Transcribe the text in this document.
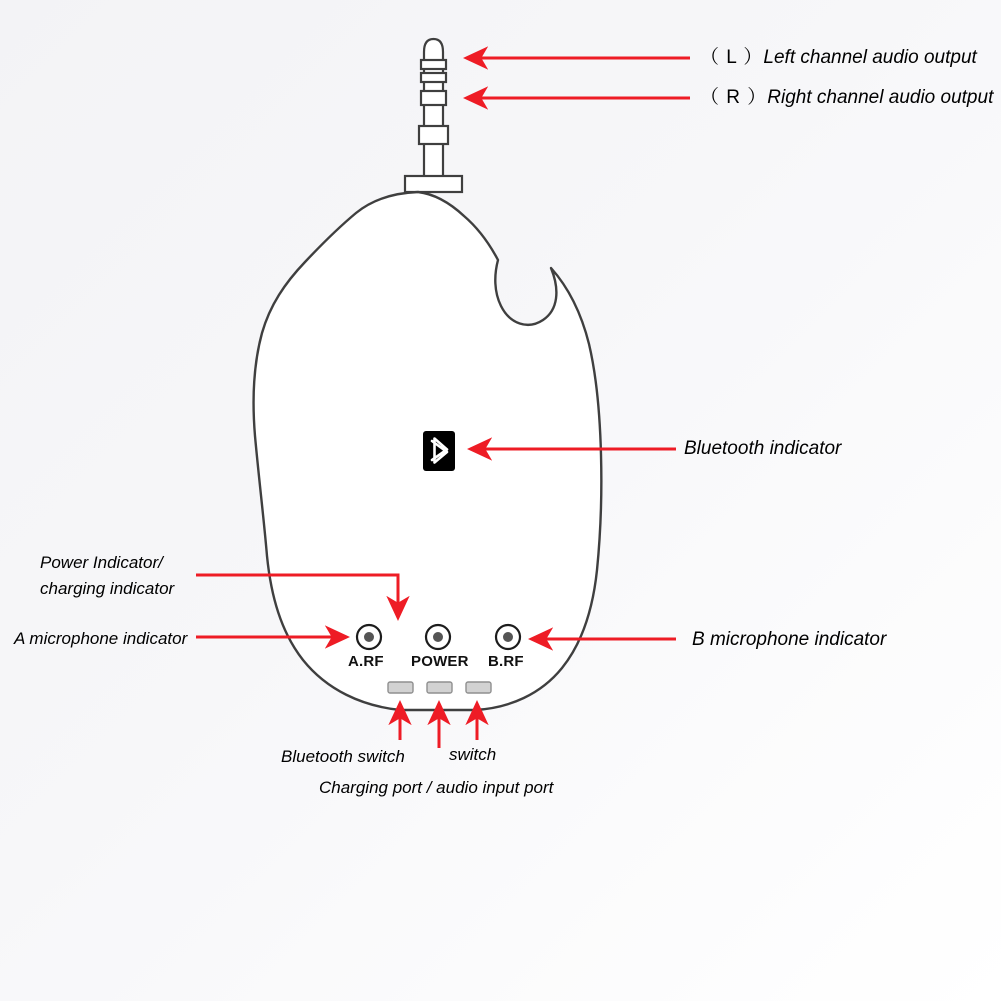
A.RF POWER B.RF
（ L ）Left channel audio output
（ R ）Right channel audio output
Bluetooth indicator
Power Indicator/
charging indicator
A microphone indicator	B microphone indicator
Bluetooth switch	switch
Charging port / audio input port
